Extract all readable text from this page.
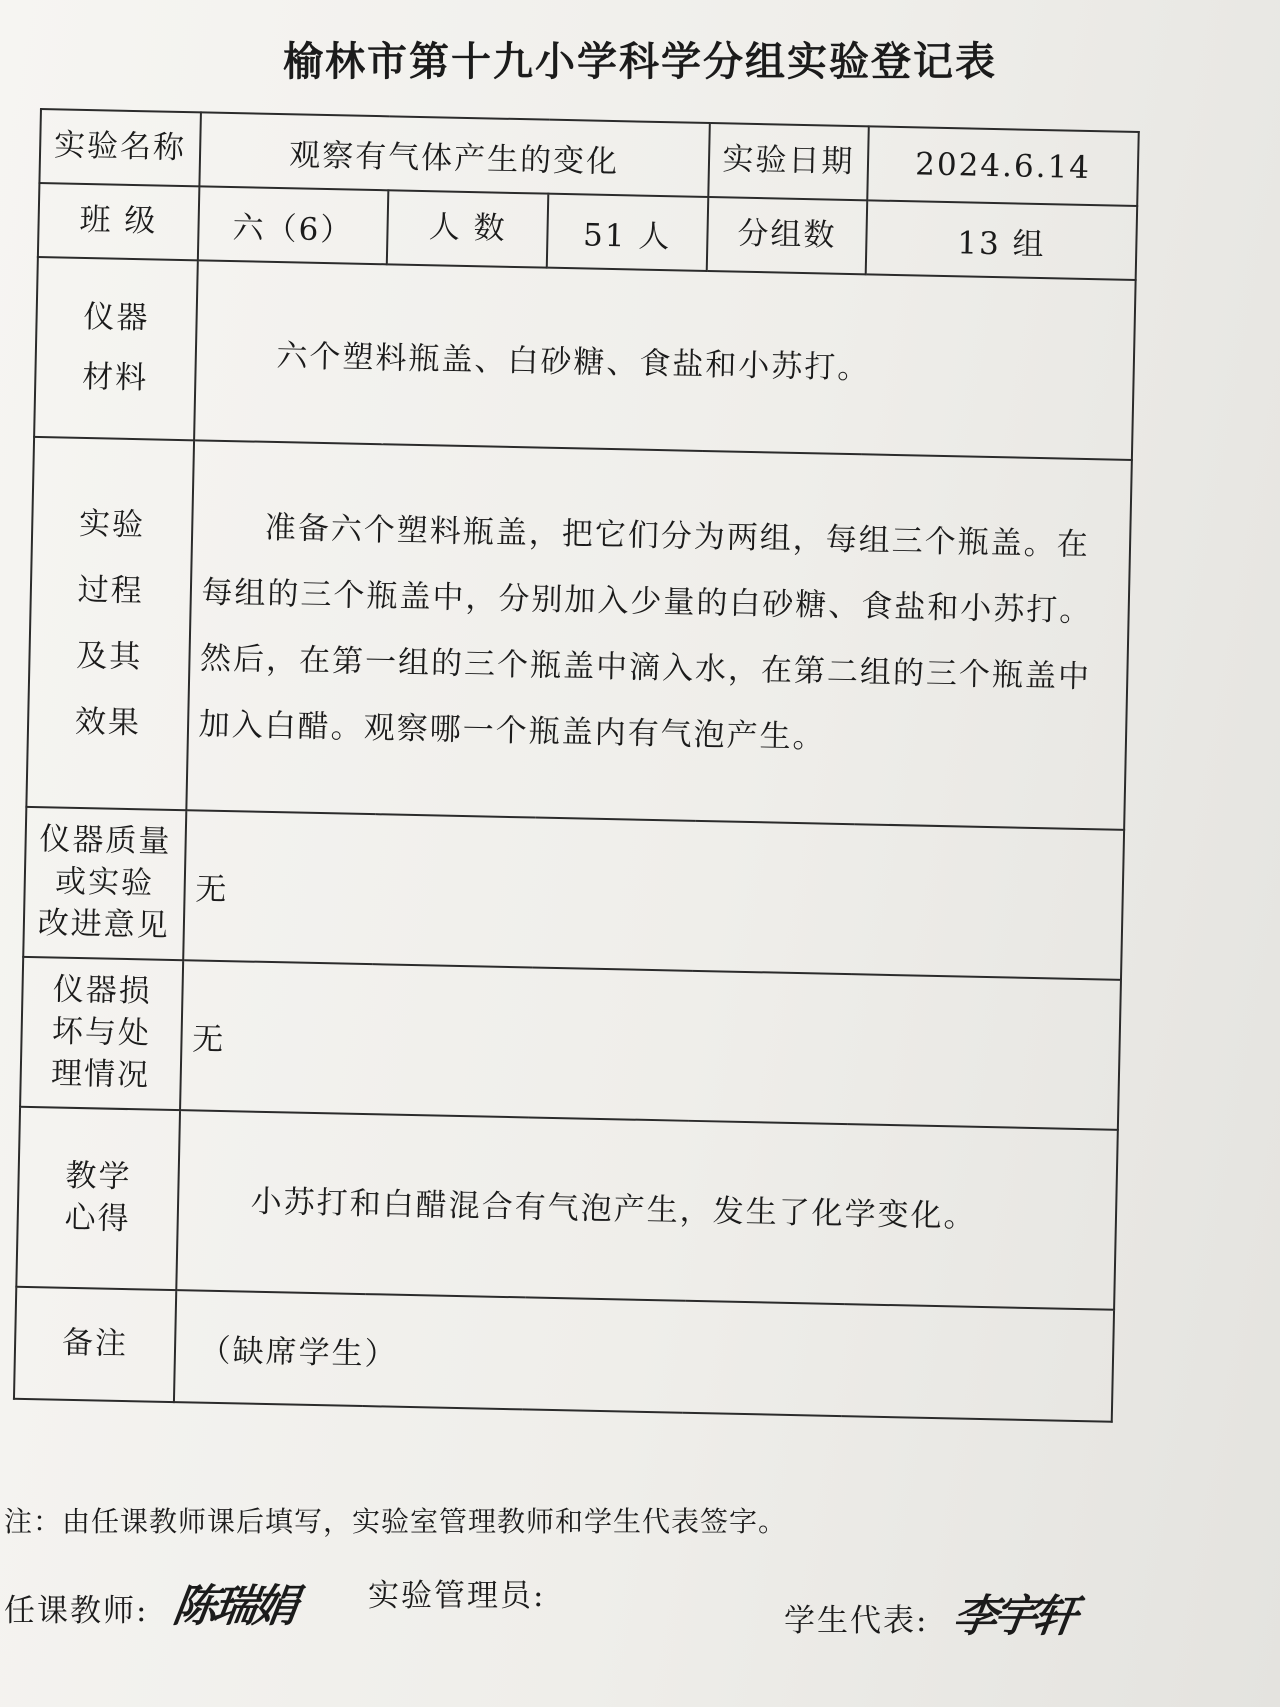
榆林市第十九小学科学分组实验登记表
实验名称	观察有气体产生的变化			实验日期	2024.6.14
班 级	六（6）	人 数	51 人	分组数	13 组

仪器
材料	六个塑料瓶盖、白砂糖、食盐和小苏打。				

实验
过程
及其
效果	准备六个塑料瓶盖，把它们分为两组，每组三个瓶盖。在每组的三个瓶盖中，分别加入少量的白砂糖、食盐和小苏打。然后，在第一组的三个瓶盖中滴入水，在第二组的三个瓶盖中加入白醋。观察哪一个瓶盖内有气泡产生。				

仪器质量
或实验
改进意见	无				

仪器损
坏与处
理情况	无				

教学
心得	小苏打和白醋混合有气泡产生，发生了化学变化。				
备注	（缺席学生）				
注：由任课教师课后填写，实验室管理教师和学生代表签字。
任课教师: 陈瑞娟 实验管理员:
学生代表: 李宇轩
